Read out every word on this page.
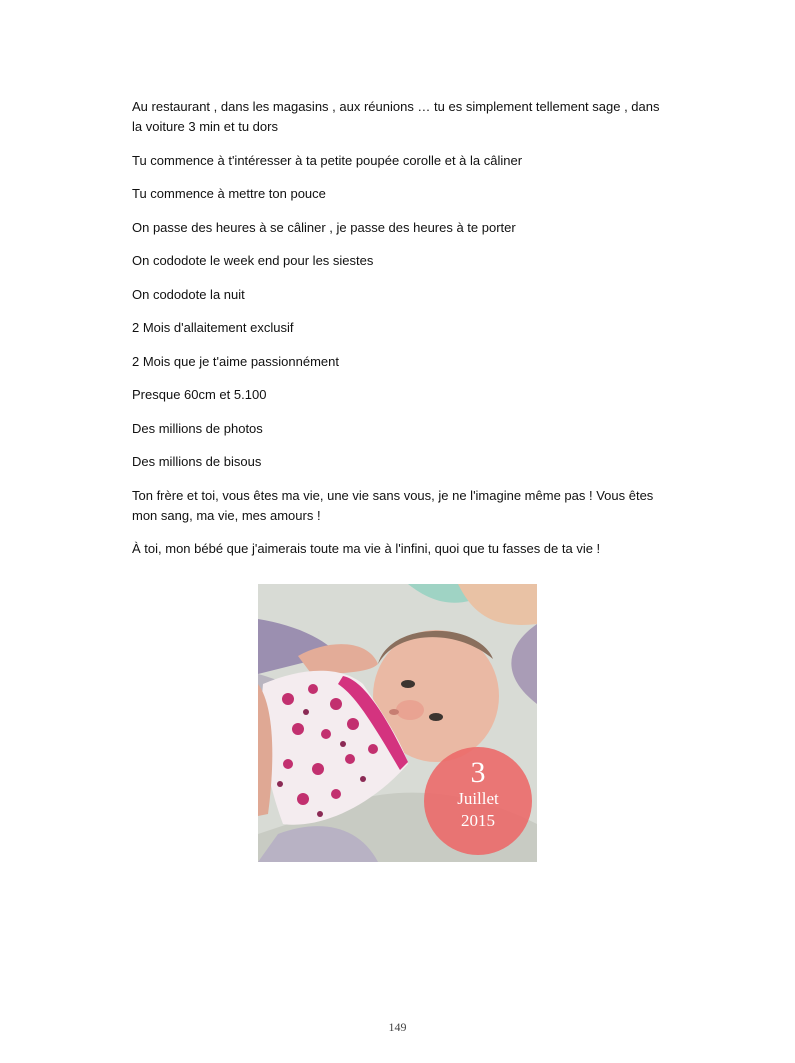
Au restaurant , dans les magasins , aux réunions … tu es simplement tellement sage , dans la voiture 3 min et tu dors

Tu commence à t'intéresser à ta petite poupée corolle et à la câliner

Tu commence à mettre ton pouce

On passe des heures à se câliner , je passe des heures à te porter

On cododote le week end pour les siestes

On cododote la nuit

2 Mois d'allaitement exclusif

2 Mois que je t'aime passionnément

Presque 60cm et 5.100

Des millions de photos

Des millions de bisous

Ton frère et toi, vous êtes ma vie, une vie sans vous, je ne l'imagine même pas ! Vous êtes mon sang, ma vie, mes amours !

À toi, mon bébé que j'aimerais toute ma vie à l'infini, quoi que tu fasses de ta vie !

3
Juillet
2015
149
